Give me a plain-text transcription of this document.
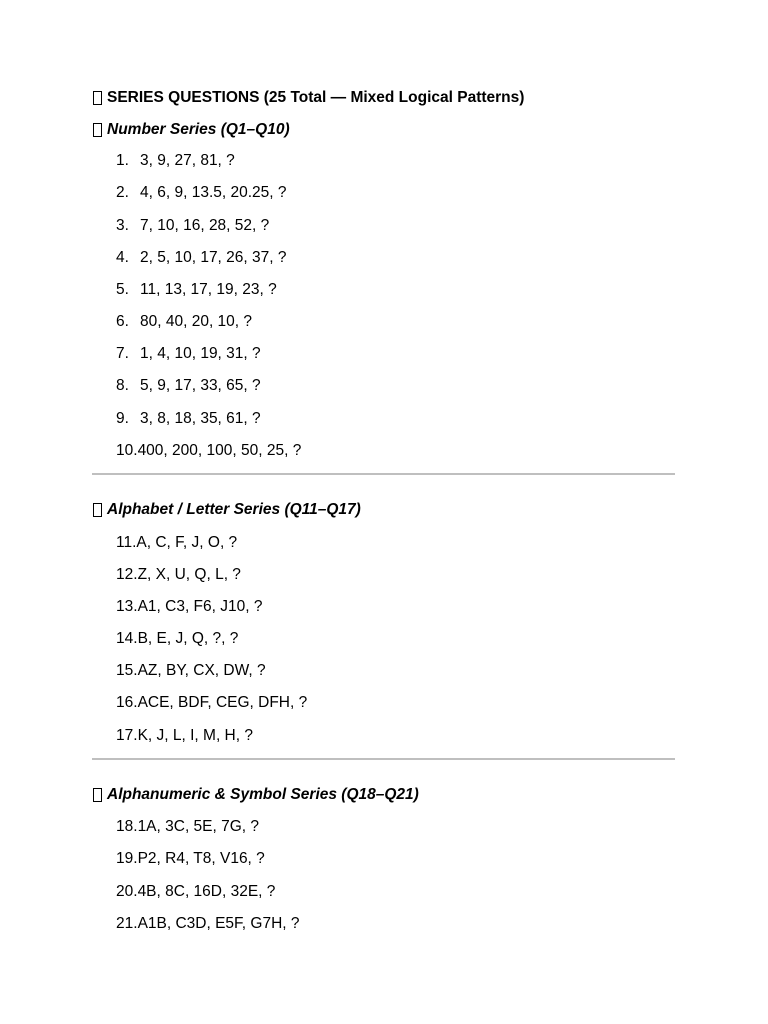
SERIES QUESTIONS (25 Total — Mixed Logical Patterns)
Number Series (Q1–Q10)
1. 3, 9, 27, 81, ?
2. 4, 6, 9, 13.5, 20.25, ?
3. 7, 10, 16, 28, 52, ?
4. 2, 5, 10, 17, 26, 37, ?
5. 11, 13, 17, 19, 23, ?
6. 80, 40, 20, 10, ?
7. 1, 4, 10, 19, 31, ?
8. 5, 9, 17, 33, 65, ?
9. 3, 8, 18, 35, 61, ?
10.400, 200, 100, 50, 25, ?
Alphabet / Letter Series (Q11–Q17)
11.A, C, F, J, O, ?
12.Z, X, U, Q, L, ?
13.A1, C3, F6, J10, ?
14.B, E, J, Q, ?, ?
15.AZ, BY, CX, DW, ?
16.ACE, BDF, CEG, DFH, ?
17.K, J, L, I, M, H, ?
Alphanumeric & Symbol Series (Q18–Q21)
18.1A, 3C, 5E, 7G, ?
19.P2, R4, T8, V16, ?
20.4B, 8C, 16D, 32E, ?
21.A1B, C3D, E5F, G7H, ?
